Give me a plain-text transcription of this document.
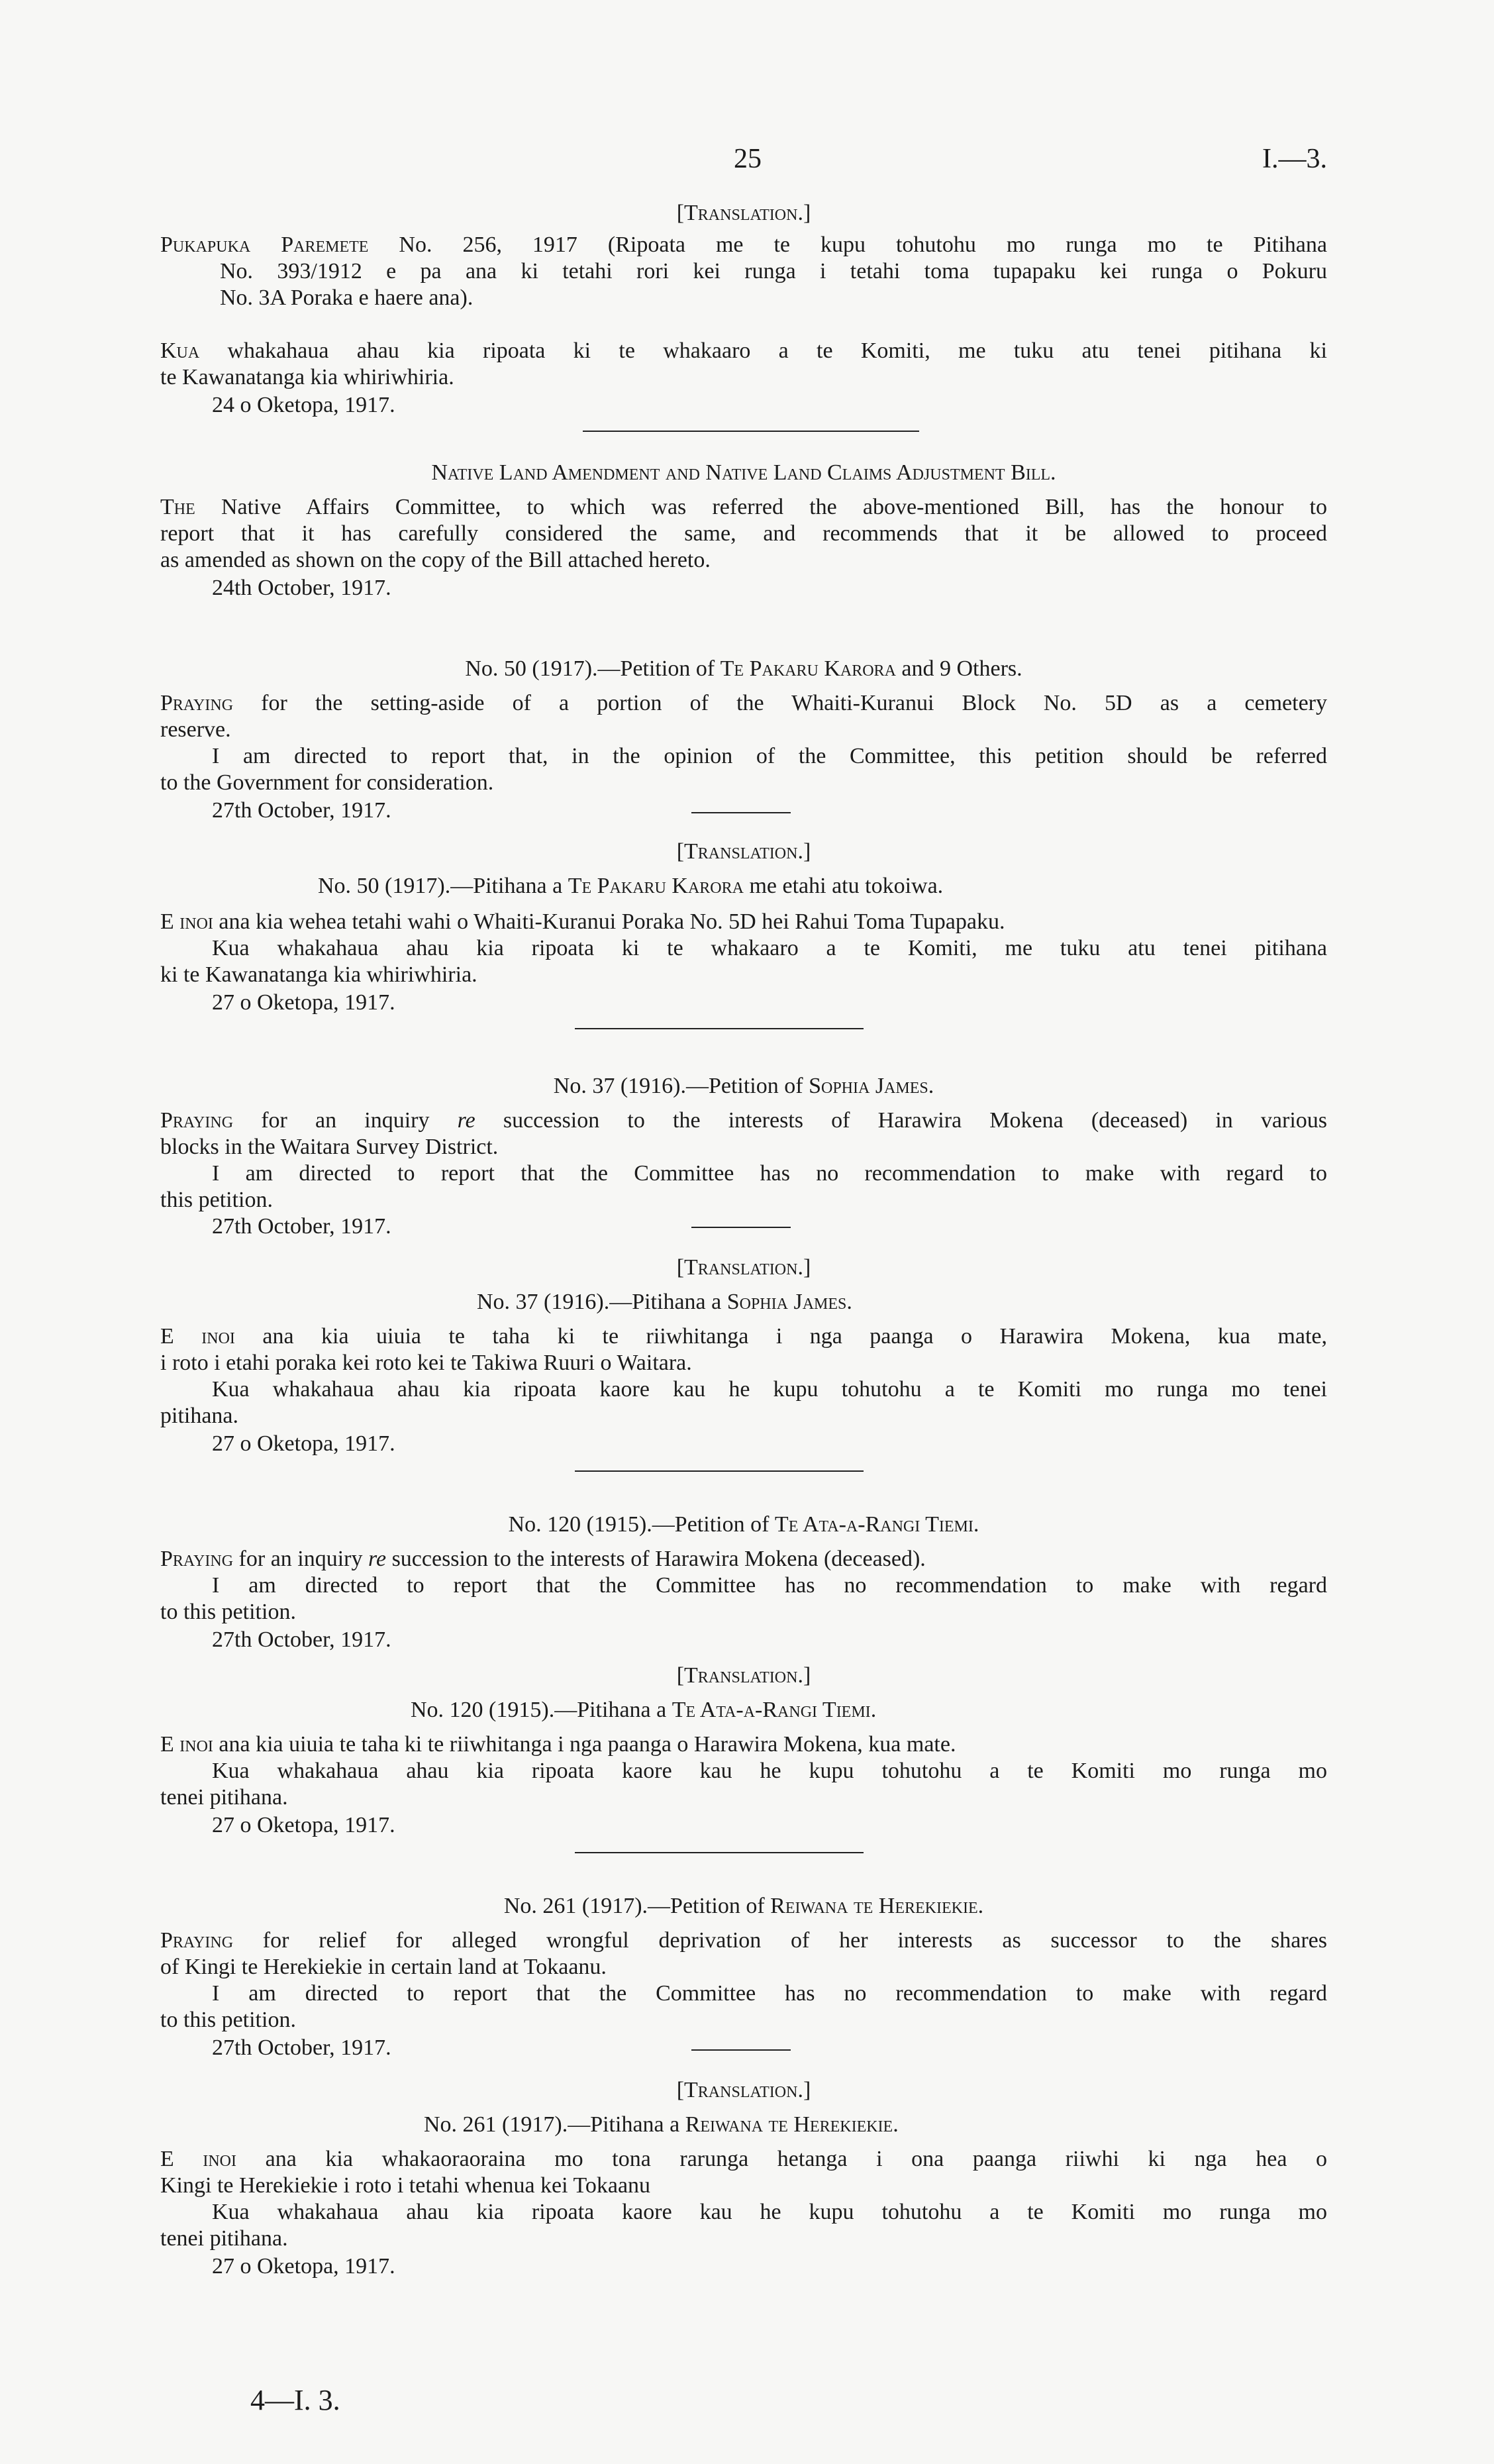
25	I.—3.
[Translation.]
Pukapuka Paremete No. 256, 1917 (Ripoata me te kupu tohutohu mo runga mo te Pitihana
No. 393/1912 e pa ana ki tetahi rori kei runga i tetahi toma tupapaku kei runga o Pokuru
No. 3A Poraka e haere ana).
Kua whakahaua ahau kia ripoata ki te whakaaro a te Komiti, me tuku atu tenei pitihana ki
te Kawanatanga kia whiriwhiria.
24 o Oketopa, 1917.
Native Land Amendment and Native Land Claims Adjustment Bill.
The Native Affairs Committee, to which was referred the above-mentioned Bill, has the honour to
report that it has carefully considered the same, and recommends that it be allowed to proceed
as amended as shown on the copy of the Bill attached hereto.
24th October, 1917.
No. 50 (1917).—Petition of Te Pakaru Karora and 9 Others.
Praying for the setting-aside of a portion of the Whaiti-Kuranui Block No. 5D as a cemetery
reserve.
I am directed to report that, in the opinion of the Committee, this petition should be referred
to the Government for consideration.
27th October, 1917.
[Translation.]
No. 50 (1917).—Pitihana a Te Pakaru Karora me etahi atu tokoiwa.
E inoi ana kia wehea tetahi wahi o Whaiti-Kuranui Poraka No. 5D hei Rahui Toma Tupapaku.
Kua whakahaua ahau kia ripoata ki te whakaaro a te Komiti, me tuku atu tenei pitihana
ki te Kawanatanga kia whiriwhiria.
27 o Oketopa, 1917.
No. 37 (1916).—Petition of Sophia James.
Praying for an inquiry re succession to the interests of Harawira Mokena (deceased) in various
blocks in the Waitara Survey District.
I am directed to report that the Committee has no recommendation to make with regard to
this petition.
27th October, 1917.
[Translation.]
No. 37 (1916).—Pitihana a Sophia James.
E inoi ana kia uiuia te taha ki te riiwhitanga i nga paanga o Harawira Mokena, kua mate,
i roto i etahi poraka kei roto kei te Takiwa Ruuri o Waitara.
Kua whakahaua ahau kia ripoata kaore kau he kupu tohutohu a te Komiti mo runga mo tenei
pitihana.
27 o Oketopa, 1917.
No. 120 (1915).—Petition of Te Ata-a-Rangi Tiemi.
Praying for an inquiry re succession to the interests of Harawira Mokena (deceased).
I am directed to report that the Committee has no recommendation to make with regard
to this petition.
27th October, 1917.
[Translation.]
No. 120 (1915).—Pitihana a Te Ata-a-Rangi Tiemi.
E inoi ana kia uiuia te taha ki te riiwhitanga i nga paanga o Harawira Mokena, kua mate.
Kua whakahaua ahau kia ripoata kaore kau he kupu tohutohu a te Komiti mo runga mo
tenei pitihana.
27 o Oketopa, 1917.
No. 261 (1917).—Petition of Reiwana te Herekiekie.
Praying for relief for alleged wrongful deprivation of her interests as successor to the shares
of Kingi te Herekiekie in certain land at Tokaanu.
I am directed to report that the Committee has no recommendation to make with regard
to this petition.
27th October, 1917.
[Translation.]
No. 261 (1917).—Pitihana a Reiwana te Herekiekie.
E inoi ana kia whakaoraoraina mo tona rarunga hetanga i ona paanga riiwhi ki nga hea o
Kingi te Herekiekie i roto i tetahi whenua kei Tokaanu
Kua whakahaua ahau kia ripoata kaore kau he kupu tohutohu a te Komiti mo runga mo
tenei pitihana.
27 o Oketopa, 1917.
4—I. 3.
